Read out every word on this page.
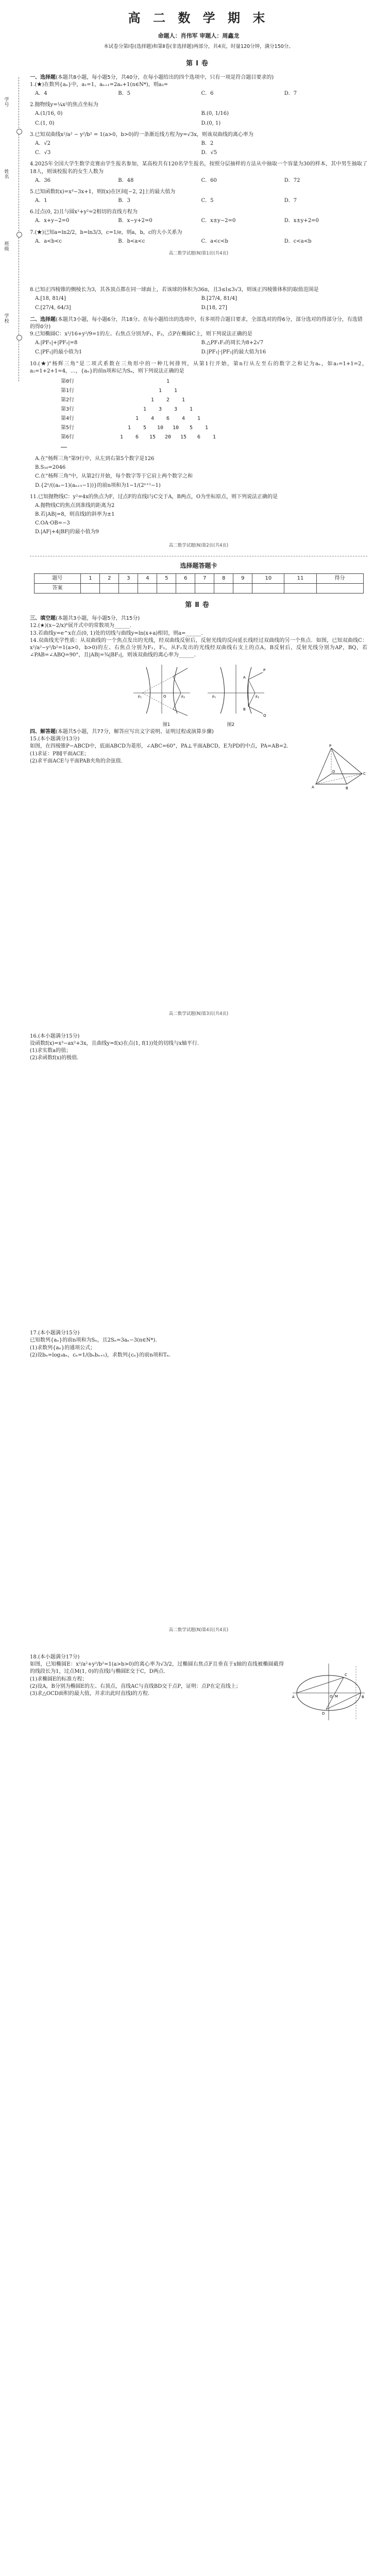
学号
姓名
班级
学校
高 二 数 学 期 末
命题人：肖伟军 审题人：周鑫龙
本试卷分第Ⅰ卷(选择题)和第Ⅱ卷(非选择题)两部分，共4页，时量120分钟，满分150分。
第Ⅰ卷

一、选择题(本题共8小题，每小题5分，共40分，在每小题给出的四个选项中，只有一项是符合题目要求的)

1.(★)在数列{aₙ}中，a₁=1，aₙ₊₁=2aₙ+1(n∈N*)，则a₃=

A．4	B．5	C．6	D．7

2.抛物线y=¼x²的焦点坐标为

A.(1/16, 0)	B.(0, 1/16)
C.(1, 0)	D.(0, 1)

3.已知双曲线x²/a² − y²/b² = 1(a>0，b>0)的一条渐近线方程为y=√3x，则该双曲线的离心率为

A．√2	B．2
C．√3	D．√5

4.2025年全国大学生数学竞赛由学生报名参加，某高校共有120名学生报名，按照分层抽样的方法从中抽取一个容量为30的样本，其中男生抽取了18人，则该校报名的女生人数为

A．36	B．48	C．60	D．72

5.已知函数f(x)=x³−3x+1，则f(x)在区间[−2, 2]上的最大值为

A．1	B．3	C．5	D．7

6.过点(0, 2)且与圆x²+y²=2相切的直线方程为

A．x+y−2=0	B．x−y+2=0	C．x±y−2=0	D．x±y+2=0

7.(★)已知a=ln2/2，b=ln3/3，c=1/e，则a，b，c的大小关系为

A．a<b<c	B．b<a<c	C．a<c<b	D．c<a<b

高二数学试题(N)第1页(共4页)

8.已知正四棱锥的侧棱长为3，其各顶点都在同一球面上，若该球的体积为36π，且3≤l≤3√3，则该正四棱锥体积的取值范围是

A.[18, 81/4]	B.[27/4, 81/4]
C.[27/4, 64/3]	D.[18, 27]

二、选择题(本题共3小题，每小题6分，共18分。在每小题给出的选项中，有多项符合题目要求，全部选对的得6分，部分选对的得部分分，有选错的得0分)

9.已知椭圆C：x²/16+y²/9=1的左、右焦点分别为F₁，F₂，点P在椭圆C上，则下列说法正确的是

A.|PF₁|+|PF₂|=8	B.△PF₁F₂的周长为8+2√7
C.|PF₁|的最小值为1	D.|PF₁|·|PF₂|的最大值为16

10.(★)"杨辉三角"是二项式系数在三角形中的一种几何排列，从第1行开始，第n行从左至右的数字之和记为aₙ，如a₁=1+1=2，a₂=1+2+1=4，…，{aₙ}的前n项和记为Sₙ，则下列说法正确的是

第0行	1
第1行	1	1
第2行	1	2	1
第3行	1	3	3	1
第4行	1	4	6	4	1
第5行	1	5	10 10	5	1
第6行	1	6	15 20 15	6	1
……
A.在"杨辉三角"第9行中，从左到右第5个数字是126
B.S₁₀=2046
C.在"杨辉三角"中，从第2行开始，每个数字等于它肩上两个数字之和
D.{2ⁿ/((aₙ−1)(aₙ₊₁−1))}的前n项和为1−1/(2ⁿ⁺¹−1)

11.已知抛物线C：y²=4x的焦点为F，过点F的直线l与C交于A，B两点，O为坐标原点，则下列说法正确的是

A.抛物线C的焦点到准线的距离为2
B.若|AB|=8，则直线l的斜率为±1
C.OA·OB=−3
D.|AF|+4|BF|的最小值为9

高二数学试题(N)第2页(共4页)

选择题答题卡
题号	1	2	3	4	5	6	7	8	9	10	11	得分
答案												
第Ⅱ卷

三、填空题(本题共3小题，每小题5分，共15分)

12.(★)(x−2/x)⁶展开式中的常数项为______．

13.若曲线y=e^x在点(0, 1)处的切线与曲线y=ln(x+a)相切，则a=______．

14.双曲线光学性质：从双曲线的一个焦点发出的光线，经双曲线反射后，反射光线的反向延长线经过双曲线的另一个焦点．如图，已知双曲线C：x²/a²−y²/b²=1(a>0，b>0)的左、右焦点分别为F₁，F₂，从F₂发出的光线经双曲线右支上的点A，B反射后，反射光线分别为AP，BQ，若∠PAB=∠ABQ=90°，且|AB|=¾|BF₂|，则该双曲线的离心率为______．

F₁	F₂
O	F₁	F₂
A
B
P
Q
图1	图2

四、解答题(本题共5小题，共77分，解答应写出文字说明、证明过程或演算步骤)

15.(本小题满分13分)

如图，在四棱锥P−ABCD中，底面ABCD为菱形，∠ABC=60°，PA⊥平面ABCD，E为PD的中点，PA=AB=2．

(1)求证：PB∥平面ACE；

(2)求平面ACE与平面PAB夹角的余弦值．

P
A	B
C
D

高二数学试题(N)第3页(共4页)

16.(本小题满分15分)

设函数f(x)=x³−ax²+3x，且曲线y=f(x)在点(1, f(1))处的切线与x轴平行．

(1)求实数a的值；

(2)求函数f(x)的极值．

17.(本小题满分15分)

已知数列{aₙ}的前n项和为Sₙ，且2Sₙ=3aₙ−3(n∈N*)．

(1)求数列{aₙ}的通项公式；

(2)设bₙ=log₃aₙ，cₙ=1/(bₙbₙ₊₁)，求数列{cₙ}的前n项和Tₙ．

高二数学试题(N)第4页(共4页)

18.(本小题满分17分)

如图，已知椭圆E：x²/a²+y²/b²=1(a>b>0)的离心率为√3/2，过椭圆右焦点F且垂直于x轴的直线被椭圆截得的线段长为1，过点M(1, 0)的直线l与椭圆E交于C，D两点．

(1)求椭圆E的标准方程；

(2)设A，B分别为椭圆E的左、右顶点，直线AC与直线BD交于点P，证明：点P在定直线上；

(3)求△OCD面积的最大值，并求出此时直线l的方程．

A	B
C
D
O M
